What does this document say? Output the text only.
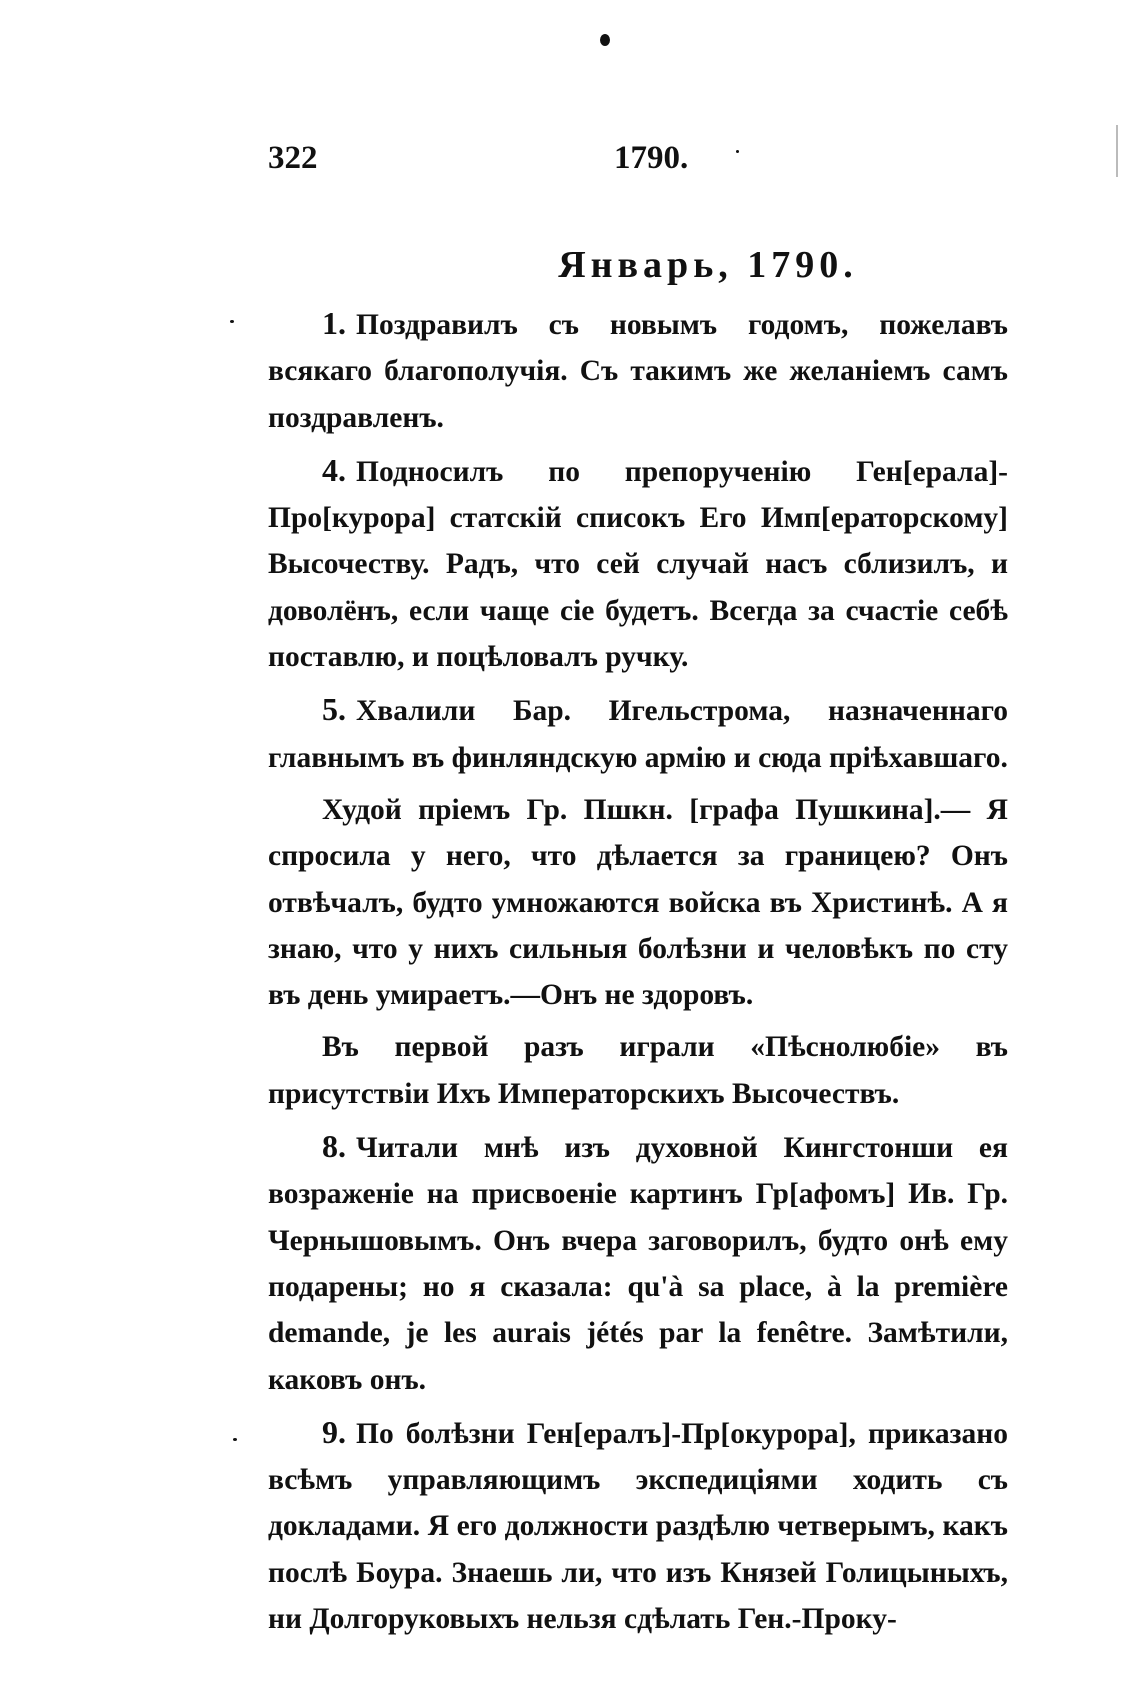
322	1790.
Январь, 1790.

1. Поздравилъ съ новымъ годомъ, пожелавъ всякаго благополучія. Съ такимъ же желаніемъ самъ поздравленъ.

4. Подносилъ по препорученію Ген[ерала]-Про[курора] статскій списокъ Его Имп[ераторскому] Высочеству. Радъ, что сей случай насъ сблизилъ, и доволёнъ, если чаще сіе будетъ. Всегда за счастіе себѣ поставлю, и поцѣловалъ ручку.

5. Хвалили Бар. Игельстрома, назначеннаго главнымъ въ финляндскую армію и сюда пріѣхавшаго.

Худой пріемъ Гр. Пшкн. [графа Пушкина].— Я спросила у него, что дѣлается за границею? Онъ отвѣчалъ, будто умножаются войска въ Христинѣ. А я знаю, что у нихъ сильныя болѣзни и человѣкъ по сту въ день умираетъ.—Онъ не здоровъ.

Въ первой разъ играли «Пѣснолюбіе» въ присутствіи Ихъ Императорскихъ Высочествъ.

8. Читали мнѣ изъ духовной Кингстонши ея возраженіе на присвоеніе картинъ Гр[афомъ] Ив. Гр. Чернышовымъ. Онъ вчера заговорилъ, будто онѣ ему подарены; но я сказала: qu'à sa place, à la première demande, je les aurais jétés par la fenêtre. Замѣтили, каковъ онъ.

9. По болѣзни Ген[ералъ]-Пр[окурора], приказано всѣмъ управляющимъ экспедиціями ходить съ докладами. Я его должности раздѣлю четверымъ, какъ послѣ Боура. Знаешь ли, что изъ Князей Голицыныхъ, ни Долгоруковыхъ нельзя сдѣлать Ген.-Проку-
